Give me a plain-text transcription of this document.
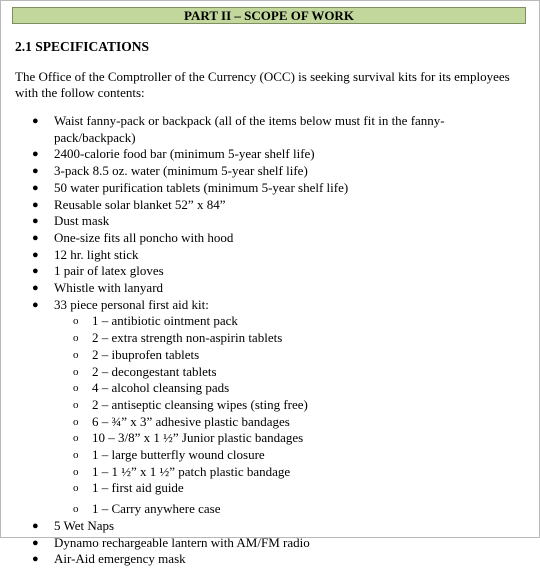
PART II – SCOPE OF WORK
2.1 SPECIFICATIONS
The Office of the Comptroller of the Currency (OCC) is seeking survival kits for its employees with the follow contents:
● Waist fanny-pack or backpack (all of the items below must fit in the fanny-pack/backpack)
● 2400-calorie food bar (minimum 5-year shelf life)
● 3-pack 8.5 oz. water (minimum 5-year shelf life)
● 50 water purification tablets (minimum 5-year shelf life)
● Reusable solar blanket 52” x 84”
● Dust mask
● One-size fits all poncho with hood
● 12 hr. light stick
● 1 pair of latex gloves
● Whistle with lanyard
● 33 piece personal first aid kit:
o 1 – antibiotic ointment pack
o 2 – extra strength non-aspirin tablets
o 2 – ibuprofen tablets
o 2 – decongestant tablets
o 4 – alcohol cleansing pads
o 2 – antiseptic cleansing wipes (sting free)
o 6 – ¾” x 3” adhesive plastic bandages
o 10 – 3/8” x 1 ½” Junior plastic bandages
o 1 – large butterfly wound closure
o 1 – 1 ½” x 1 ½” patch plastic bandage
o 1 – first aid guide
o 1 – Carry anywhere case
● 5 Wet Naps
● Dynamo rechargeable lantern with AM/FM radio
● Air-Aid emergency mask
